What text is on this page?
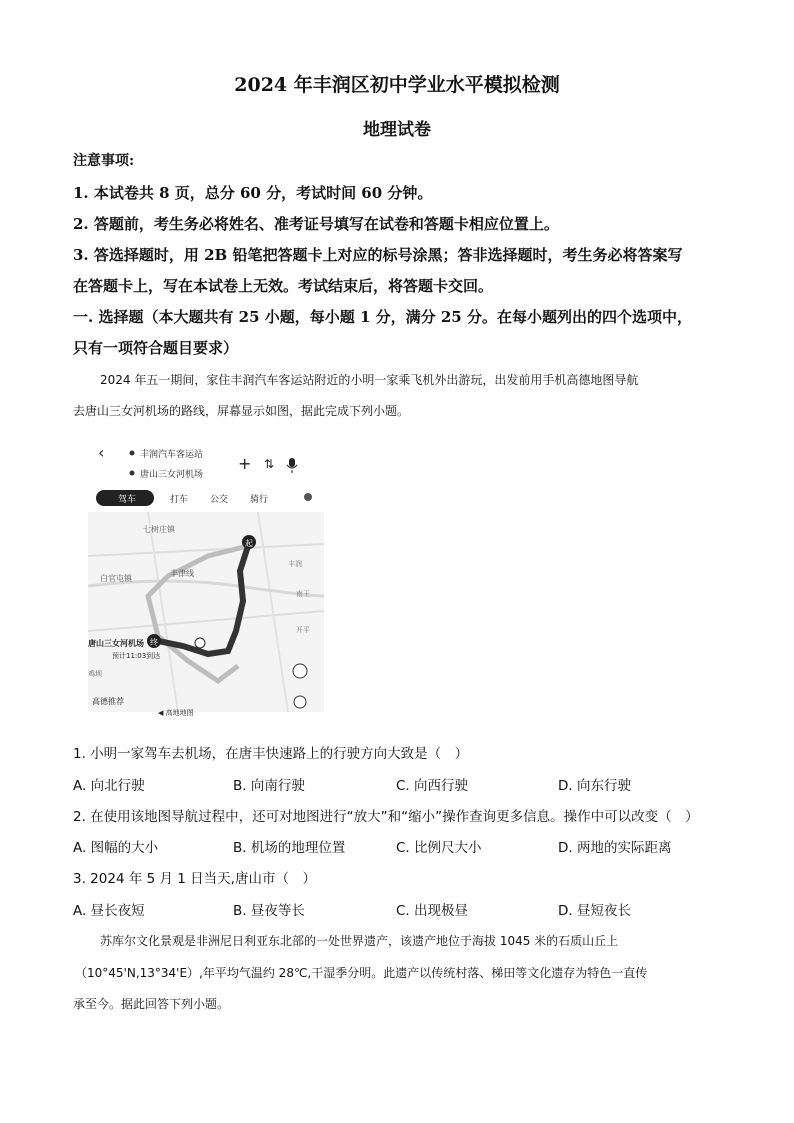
2024 年丰润区初中学业水平模拟检测
地理试卷
注意事项:
1. 本试卷共 8 页，总分 60 分，考试时间 60 分钟。
2. 答题前，考生务必将姓名、准考证号填写在试卷和答题卡相应位置上。
3. 答选择题时，用 2B 铅笔把答题卡上对应的标号涂黑；答非选择题时，考生务必将答案写
在答题卡上，写在本试卷上无效。考试结束后，将答题卡交回。
一. 选择题（本大题共有 25 小题，每小题 1 分，满分 25 分。在每小题列出的四个选项中，
只有一项符合题目要求）
2024 年五一期间，家住丰润汽车客运站附近的小明一家乘飞机外出游玩，出发前用手机高德地图导航
去唐山三女河机场的路线，屏幕显示如图，据此完成下列小题。
‹	丰润汽车客运站
唐山三女河机场
+ ⇅
驾车	打车 公交 骑行
起
终
七树庄镇
白官屯镇
丰津线
丰润
南王
开平
唐山三女河机场
预计11:03到达
鸡坝
高德推荐
◀ 高地地图
1. 小明一家驾车去机场，在唐丰快速路上的行驶方向大致是（　）
A. 向北行驶	B. 向南行驶	C. 向西行驶	D. 向东行驶
2. 在使用该地图导航过程中，还可对地图进行“放大”和“缩小”操作查询更多信息。操作中可以改变（　）
A. 图幅的大小	B. 机场的地理位置	C. 比例尺大小	D. 两地的实际距离
3. 2024 年 5 月 1 日当天,唐山市（　）
A. 昼长夜短	B. 昼夜等长	C. 出现极昼	D. 昼短夜长
苏库尔文化景观是非洲尼日利亚东北部的一处世界遗产，该遗产地位于海拔 1045 米的石质山丘上
（10°45'N,13°34'E）,年平均气温约 28℃,干湿季分明。此遗产以传统村落、梯田等文化遗存为特色一直传
承至今。据此回答下列小题。
